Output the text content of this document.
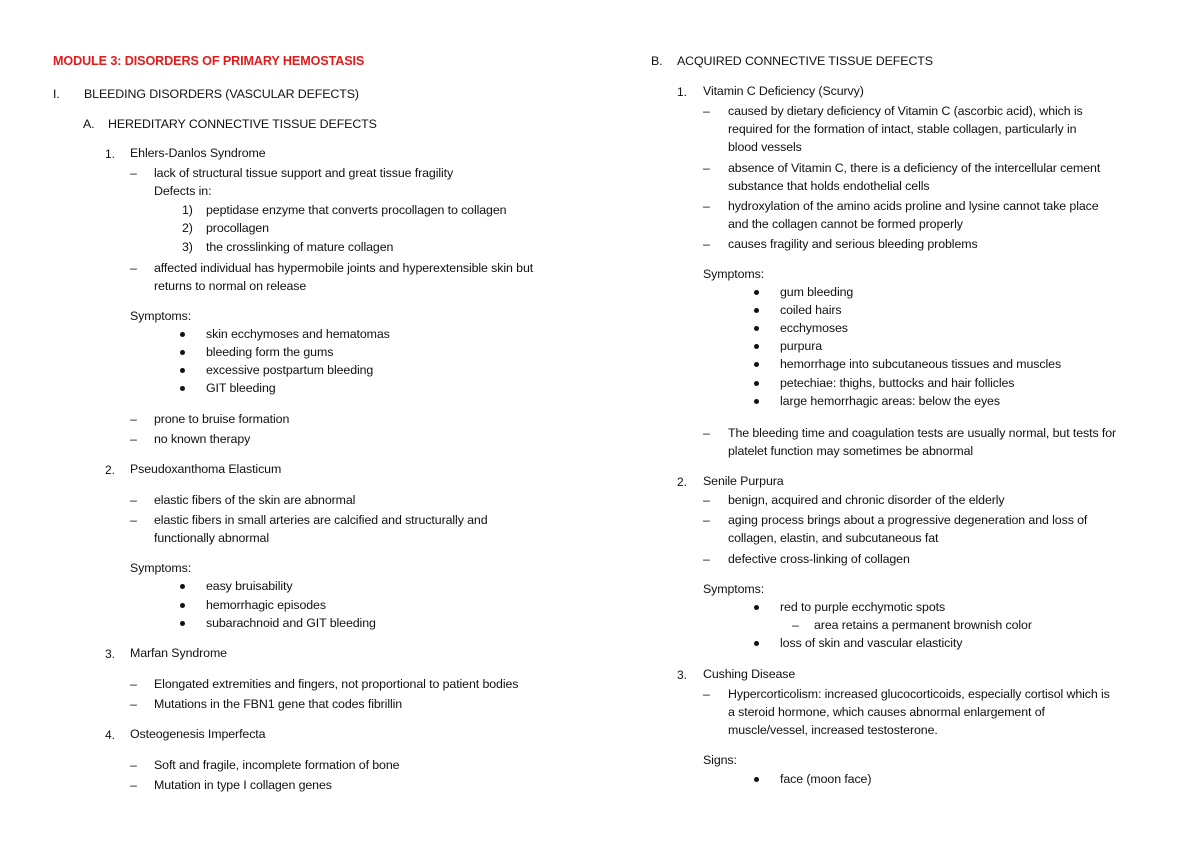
MODULE 3: DISORDERS OF PRIMARY HEMOSTASIS
I. BLEEDING DISORDERS (VASCULAR DEFECTS)
A. HEREDITARY CONNECTIVE TISSUE DEFECTS
1. Ehlers-Danlos Syndrome
– lack of structural tissue support and great tissue fragility
Defects in:
1) peptidase enzyme that converts procollagen to collagen
2) procollagen
3) the crosslinking of mature collagen
– affected individual has hypermobile joints and hyperextensible skin but
returns to normal on release
Symptoms:
skin ecchymoses and hematomas
bleeding form the gums
excessive postpartum bleeding
GIT bleeding
– prone to bruise formation
– no known therapy
2. Pseudoxanthoma Elasticum
– elastic fibers of the skin are abnormal
– elastic fibers in small arteries are calcified and structurally and
functionally abnormal
Symptoms:
easy bruisability
hemorrhagic episodes
subarachnoid and GIT bleeding
3. Marfan Syndrome
– Elongated extremities and fingers, not proportional to patient bodies
– Mutations in the FBN1 gene that codes fibrillin
4. Osteogenesis Imperfecta
– Soft and fragile, incomplete formation of bone
– Mutation in type I collagen genes
B. ACQUIRED CONNECTIVE TISSUE DEFECTS
1. Vitamin C Deficiency (Scurvy)
– caused by dietary deficiency of Vitamin C (ascorbic acid), which is
required for the formation of intact, stable collagen, particularly in
blood vessels
– absence of Vitamin C, there is a deficiency of the intercellular cement
substance that holds endothelial cells
– hydroxylation of the amino acids proline and lysine cannot take place
and the collagen cannot be formed properly
– causes fragility and serious bleeding problems
Symptoms:
gum bleeding
coiled hairs
ecchymoses
purpura
hemorrhage into subcutaneous tissues and muscles
petechiae: thighs, buttocks and hair follicles
large hemorrhagic areas: below the eyes
– The bleeding time and coagulation tests are usually normal, but tests for
platelet function may sometimes be abnormal
2. Senile Purpura
– benign, acquired and chronic disorder of the elderly
– aging process brings about a progressive degeneration and loss of
collagen, elastin, and subcutaneous fat
– defective cross-linking of collagen
Symptoms:
red to purple ecchymotic spots
– area retains a permanent brownish color
loss of skin and vascular elasticity
3. Cushing Disease
– Hypercorticolism: increased glucocorticoids, especially cortisol which is
a steroid hormone, which causes abnormal enlargement of
muscle/vessel, increased testosterone.
Signs:
face (moon face)
